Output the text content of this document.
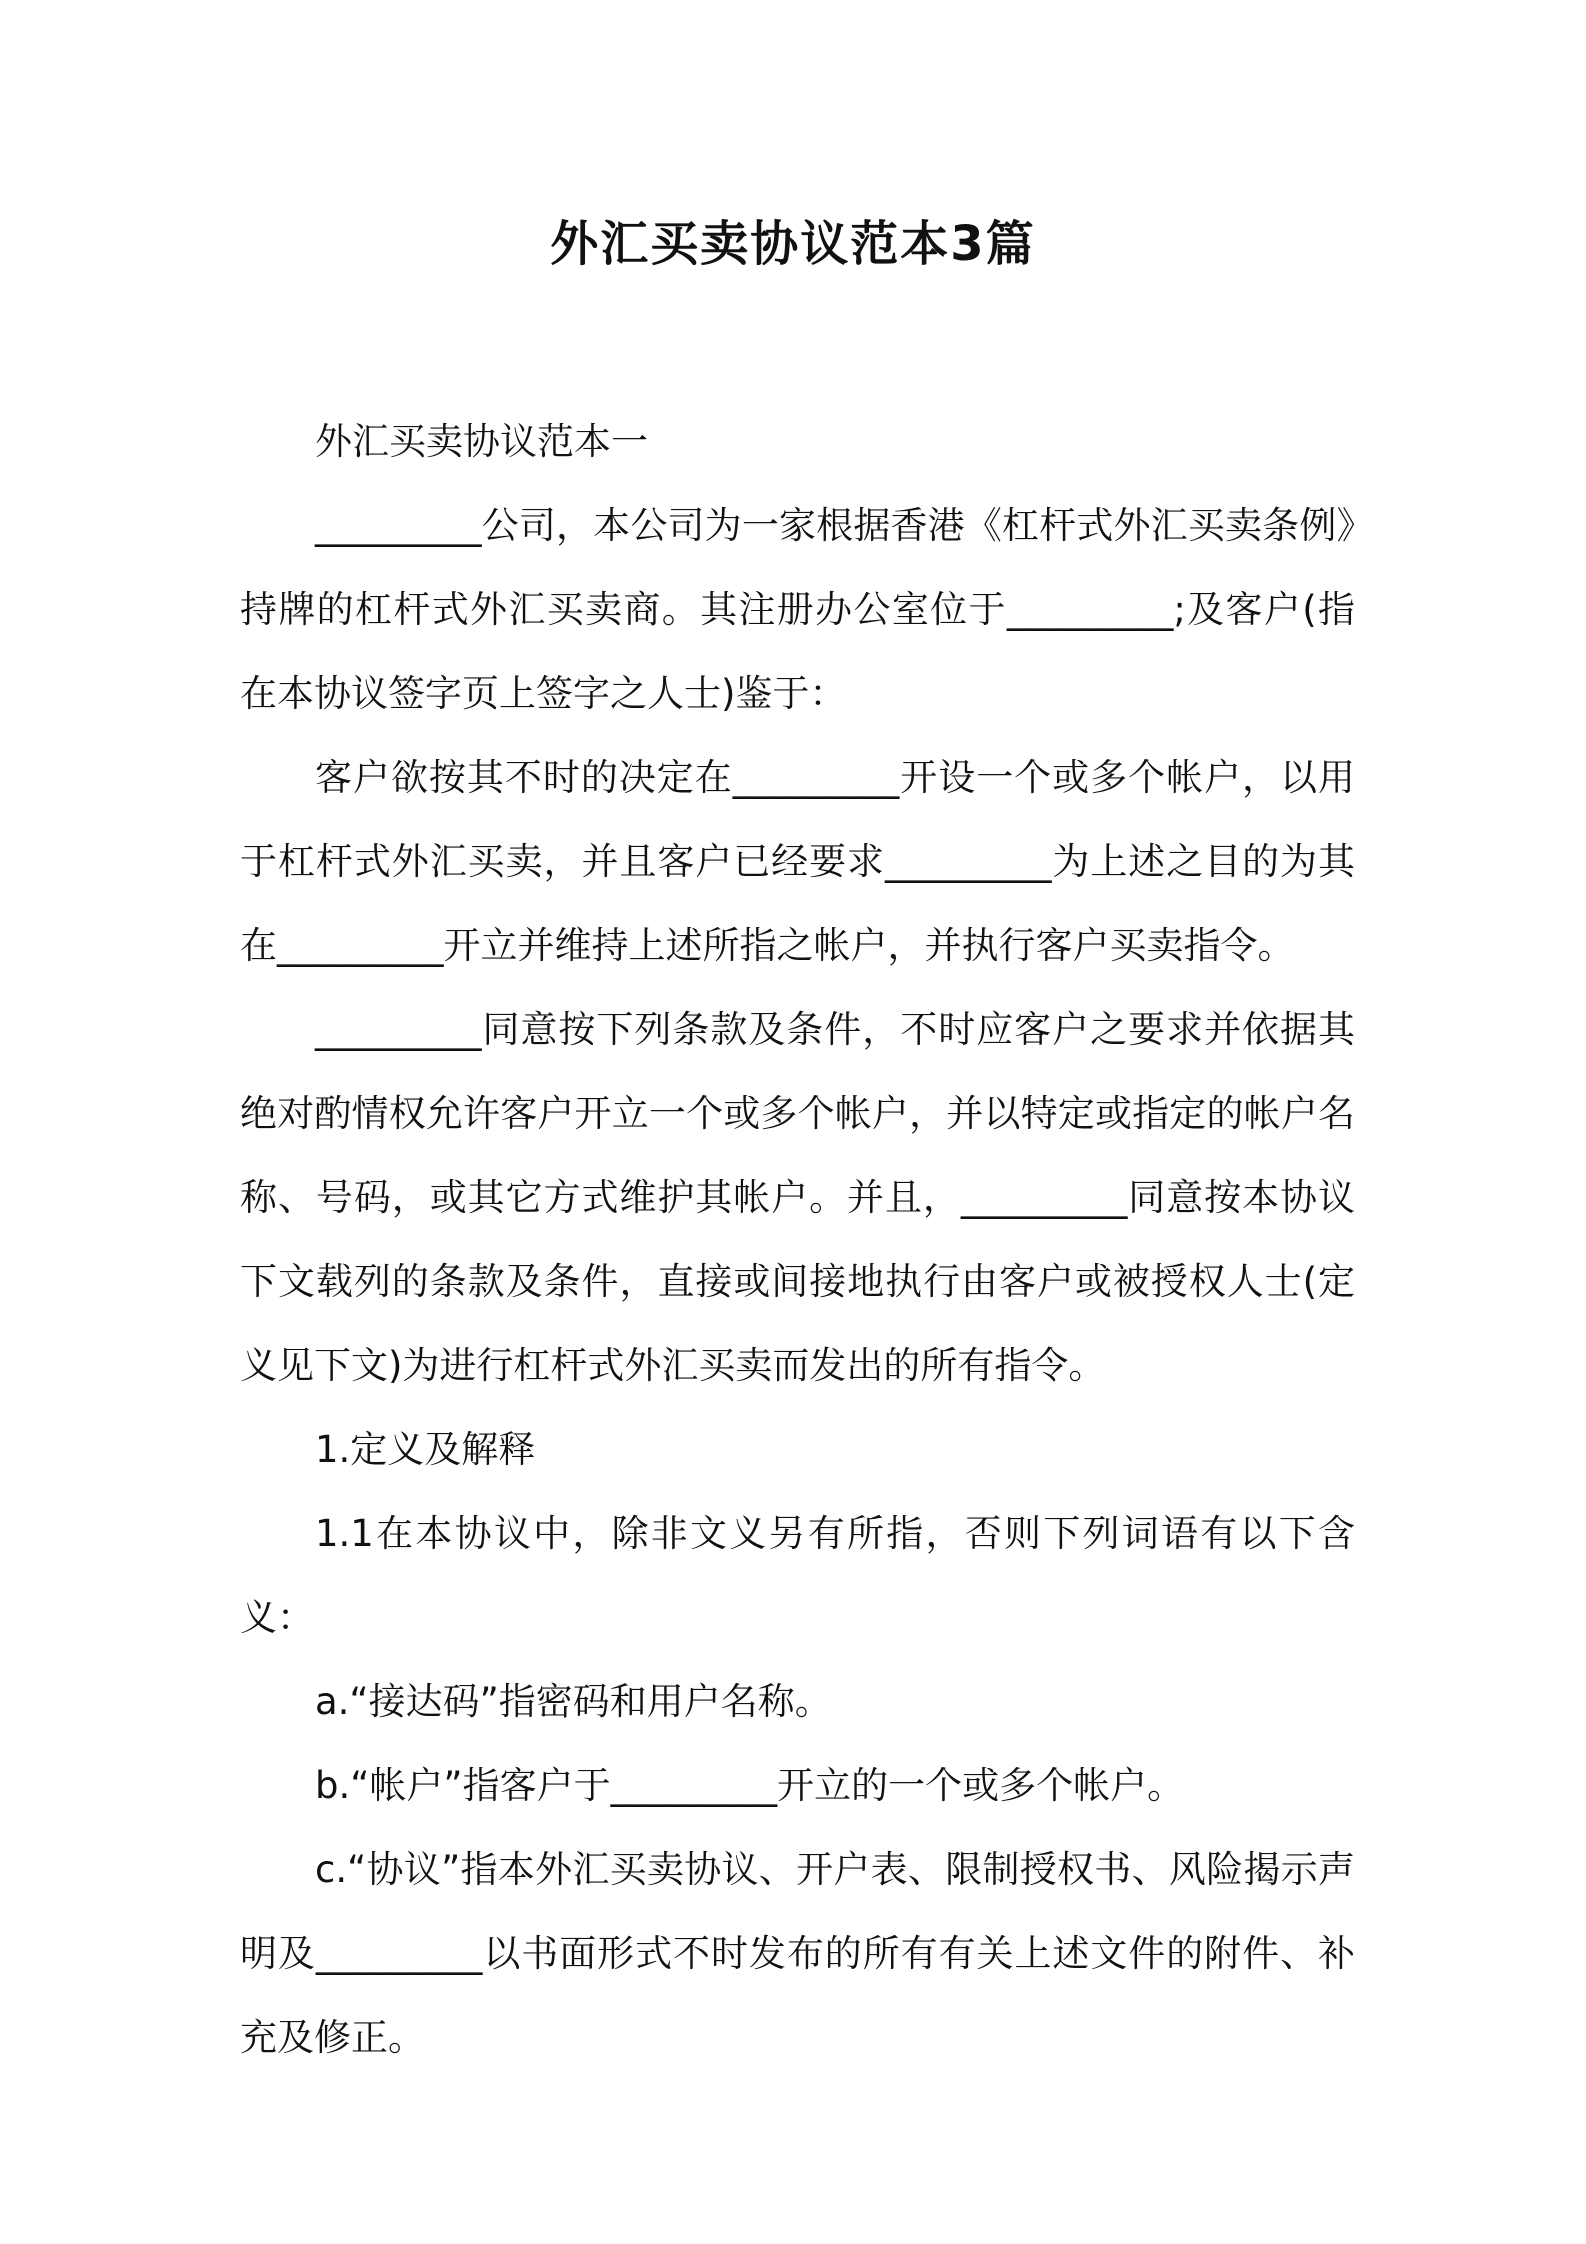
外汇买卖协议范本3篇

外汇买卖协议范本一

_________公司，本公司为一家根据香港《杠杆式外汇买卖条例》持牌的杠杆式外汇买卖商。其注册办公室位于_________;及客户(指在本协议签字页上签字之人士)鉴于：

客户欲按其不时的决定在_________开设一个或多个帐户，以用于杠杆式外汇买卖，并且客户已经要求_________为上述之目的为其在_________开立并维持上述所指之帐户，并执行客户买卖指令。

_________同意按下列条款及条件，不时应客户之要求并依据其绝对酌情权允许客户开立一个或多个帐户，并以特定或指定的帐户名称、号码，或其它方式维护其帐户。并且，_________同意按本协议下文载列的条款及条件，直接或间接地执行由客户或被授权人士(定义见下文)为进行杠杆式外汇买卖而发出的所有指令。

1.定义及解释

1.1在本协议中，除非文义另有所指，否则下列词语有以下含义：

a.“接达码”指密码和用户名称。

b.“帐户”指客户于_________开立的一个或多个帐户。

c.“协议”指本外汇买卖协议、开户表、限制授权书、风险揭示声明及_________以书面形式不时发布的所有有关上述文件的附件、补充及修正。
